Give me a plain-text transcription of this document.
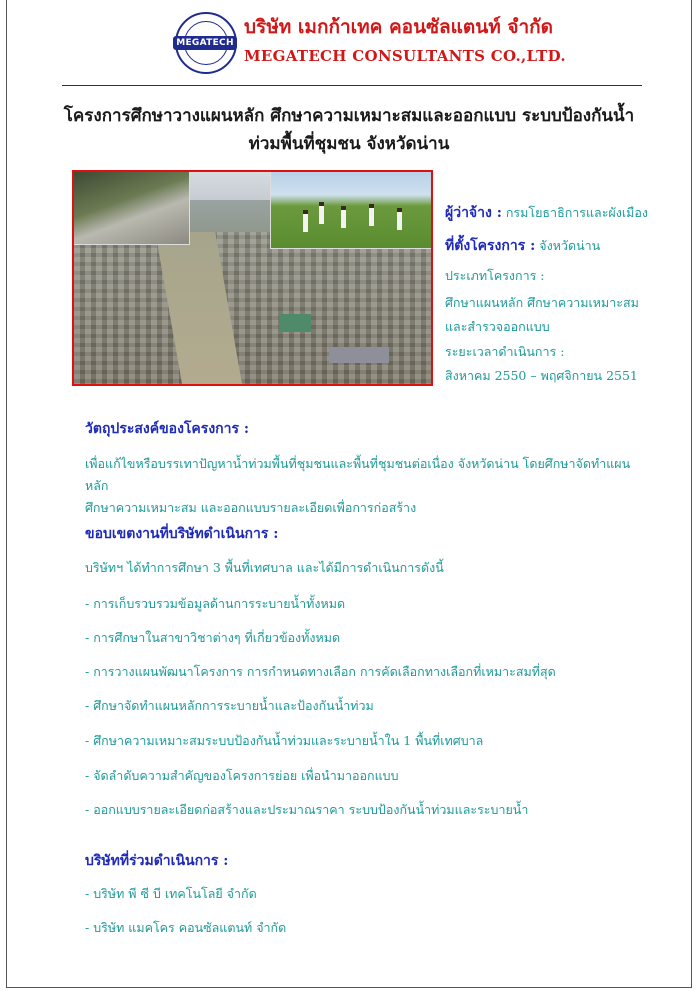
MEGATECH
บริษัท เมกก้าเทค คอนซัลแตนท์ จำกัด
MEGATECH CONSULTANTS CO.,LTD.
โครงการศึกษาวางแผนหลัก ศึกษาความเหมาะสมและออกแบบ ระบบป้องกันน้ำ
ท่วมพื้นที่ชุมชน จังหวัดน่าน
ผู้ว่าจ้าง : กรมโยธาธิการและผังเมือง
ที่ตั้งโครงการ : จังหวัดน่าน
ประเภทโครงการ :
ศึกษาแผนหลัก ศึกษาความเหมาะสม
และสำรวจออกแบบ
ระยะเวลาดำเนินการ :
สิงหาคม 2550 – พฤศจิกายน 2551
วัตถุประสงค์ของโครงการ :
เพื่อแก้ไขหรือบรรเทาปัญหาน้ำท่วมพื้นที่ชุมชนและพื้นที่ชุมชนต่อเนื่อง จังหวัดน่าน โดยศึกษาจัดทำแผนหลัก
ศึกษาความเหมาะสม และออกแบบรายละเอียดเพื่อการก่อสร้าง
ขอบเขตงานที่บริษัทดำเนินการ :
บริษัทฯ ได้ทำการศึกษา 3 พื้นที่เทศบาล และได้มีการดำเนินการดังนี้
- การเก็บรวบรวมข้อมูลด้านการระบายน้ำทั้งหมด
- การศึกษาในสาขาวิชาต่างๆ ที่เกี่ยวข้องทั้งหมด
- การวางแผนพัฒนาโครงการ การกำหนดทางเลือก การคัดเลือกทางเลือกที่เหมาะสมที่สุด
- ศึกษาจัดทำแผนหลักการระบายน้ำและป้องกันน้ำท่วม
- ศึกษาความเหมาะสมระบบป้องกันน้ำท่วมและระบายน้ำใน 1 พื้นที่เทศบาล
- จัดลำดับความสำคัญของโครงการย่อย เพื่อนำมาออกแบบ
- ออกแบบรายละเอียดก่อสร้างและประมาณราคา ระบบป้องกันน้ำท่วมและระบายน้ำ
บริษัทที่ร่วมดำเนินการ :
- บริษัท พี ซี บี เทคโนโลยี จำกัด
- บริษัท แมคโคร คอนซัลแตนท์ จำกัด
